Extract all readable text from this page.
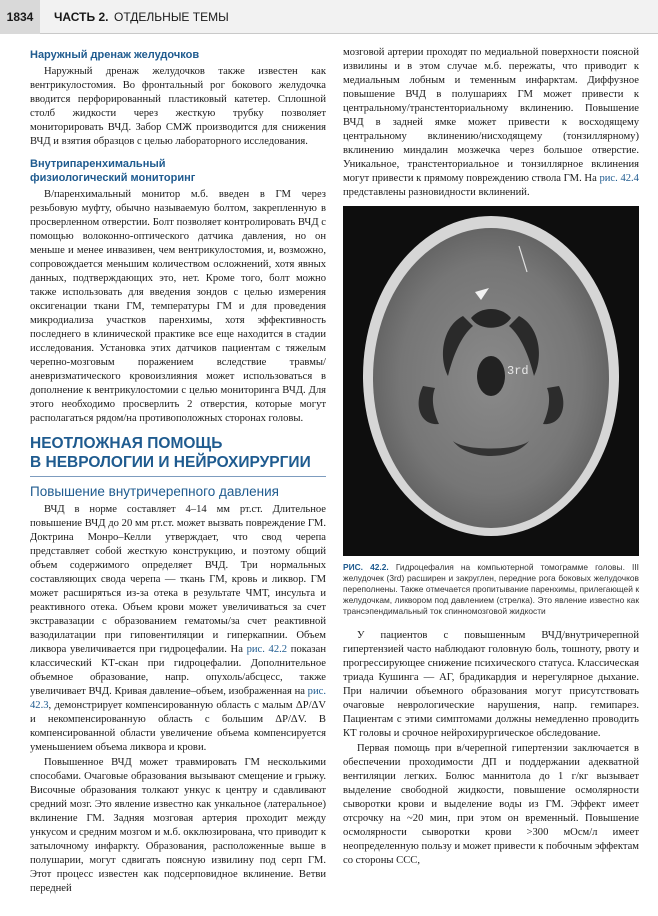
1834	ЧАСТЬ 2. ОТДЕЛЬНЫЕ ТЕМЫ
Наружный дренаж желудочков

Наружный дренаж желудочков также известен как вентрикулостомия. Во фронтальный рог бокового желудочка вводится перфорированный пластиковый катетер. Сплошной столб жидкости через жесткую трубку позволяет мониторировать ВЧД. Забор СМЖ производится для снижения ВЧД и взятия образцов с целью лабораторного исследования.

Внутрипаренхимальный
физиологический мониторинг

В/паренхимальный монитор м.б. введен в ГМ через резьбовую муфту, обычно называемую болтом, закрепленную в просверленном отверстии. Болт позволяет контролировать ВЧД с помощью волоконно-оптического датчика давления, но он меньше и менее инвазивен, чем вентрикулостомия, и, возможно, сопровождается меньшим количеством осложнений, хотя явных данных, подтверждающих это, нет. Кроме того, болт можно также использовать для введения зондов с целью измерения оксигенации ткани ГМ, температуры ГМ и для проведения микродиализа участков паренхимы, хотя эффективность последнего в клинической практике все еще находится в стадии исследования. Установка этих датчиков пациентам с тяжелым черепно-мозговым поражением вследствие травмы/аневризматического кровоизлияния может использоваться в дополнение к вентрикулостомии с целью мониторинга ВЧД. Для этого необходимо просверлить 2 отверстия, которые могут располагаться рядом/на противоположных сторонах головы.

НЕОТЛОЖНАЯ ПОМОЩЬ
В НЕВРОЛОГИИ И НЕЙРОХИРУРГИИ
Повышение внутричерепного давления

ВЧД в норме составляет 4–14 мм рт.ст. Длительное повышение ВЧД до 20 мм рт.ст. может вызвать повреждение ГМ. Доктрина Монро–Келли утверждает, что свод черепа представляет собой жесткую конструкцию, и поэтому общий объем содержимого определяет ВЧД. Три нормальных составляющих свода черепа — ткань ГМ, кровь и ликвор. ГМ может расширяться из-за отека в результате ЧМТ, инсульта и реактивного отека. Объем крови может увеличиваться за счет экстравазации с образованием гематомы/за счет реактивной вазодилатации при гиповентиляции и гиперкапнии. Объем ликвора увеличивается при гидроцефалии. На рис. 42.2 показан классический КТ-скан при гидроцефалии. Дополнительное объемное образование, напр. опухоль/абсцесс, также увеличивает ВЧД. Кривая давление–объем, изображенная на рис. 42.3, демонстрирует компенсированную область с малым ΔP/ΔV и некомпенсированную область с большим ΔP/ΔV. В компенсированной области увеличение объема компенсируется уменьшением объема ликвора и крови.

Повышенное ВЧД может травмировать ГМ несколькими способами. Очаговые образования вызывают смещение и грыжу. Височные образования толкают ункус к центру и сдавливают средний мозг. Это явление известно как ункальное (латеральное) вклинение ГМ. Задняя мозговая артерия проходит между ункусом и средним мозгом и м.б. окклюзирована, что приводит к затылочному инфаркту. Образования, расположенные выше в полушарии, могут сдвигать поясную извилину под серп ГМ. Этот процесс известен как подсерповидное вклинение. Ветви передней

мозговой артерии проходят по медиальной поверхности поясной извилины и в этом случае м.б. пережаты, что приводит к медиальным лобным и теменным инфарктам. Диффузное повышение ВЧД в полушариях ГМ может привести к центральному/транстенториальному вклинению. Повышение ВЧД в задней ямке может привести к восходящему центральному вклинению/нисходящему (тонзиллярному) вклинению миндалин мозжечка через большое отверстие. Уникальное, транстенториальное и тонзиллярное вклинения могут привести к прямому повреждению ствола ГМ. На рис. 42.4 представлены разновидности вклинений.

3rd
РИС. 42.2. Гидроцефалия на компьютерной томограмме головы. III желудочек (3rd) расширен и закруглен, передние рога боковых желудочков переполнены. Также отмечается пропитывание паренхимы, прилегающей к желудочкам, ликвором под давлением (стрелка). Это явление известно как трансэпендимальный ток спинномозговой жидкости

У пациентов с повышенным ВЧД/внутричерепной гипертензией часто наблюдают головную боль, тошноту, рвоту и прогрессирующее снижение психического статуса. Классическая триада Кушинга — АГ, брадикардия и нерегулярное дыхание. При наличии объемного образования могут присутствовать очаговые неврологические нарушения, напр. гемипарез. Пациентам с этими симптомами должны немедленно проводить КТ головы и срочное нейрохирургическое обследование.

Первая помощь при в/черепной гипертензии заключается в обеспечении проходимости ДП и поддержании адекватной вентиляции легких. Болюс маннитола до 1 г/кг вызывает выделение свободной жидкости, повышение осмолярности сыворотки крови и выделение воды из ГМ. Эффект имеет отсрочку на ~20 мин, при этом он временный. Повышение осмолярности сыворотки крови >300 мОсм/л имеет неопределенную пользу и может привести к побочным эффектам со стороны ССС,
